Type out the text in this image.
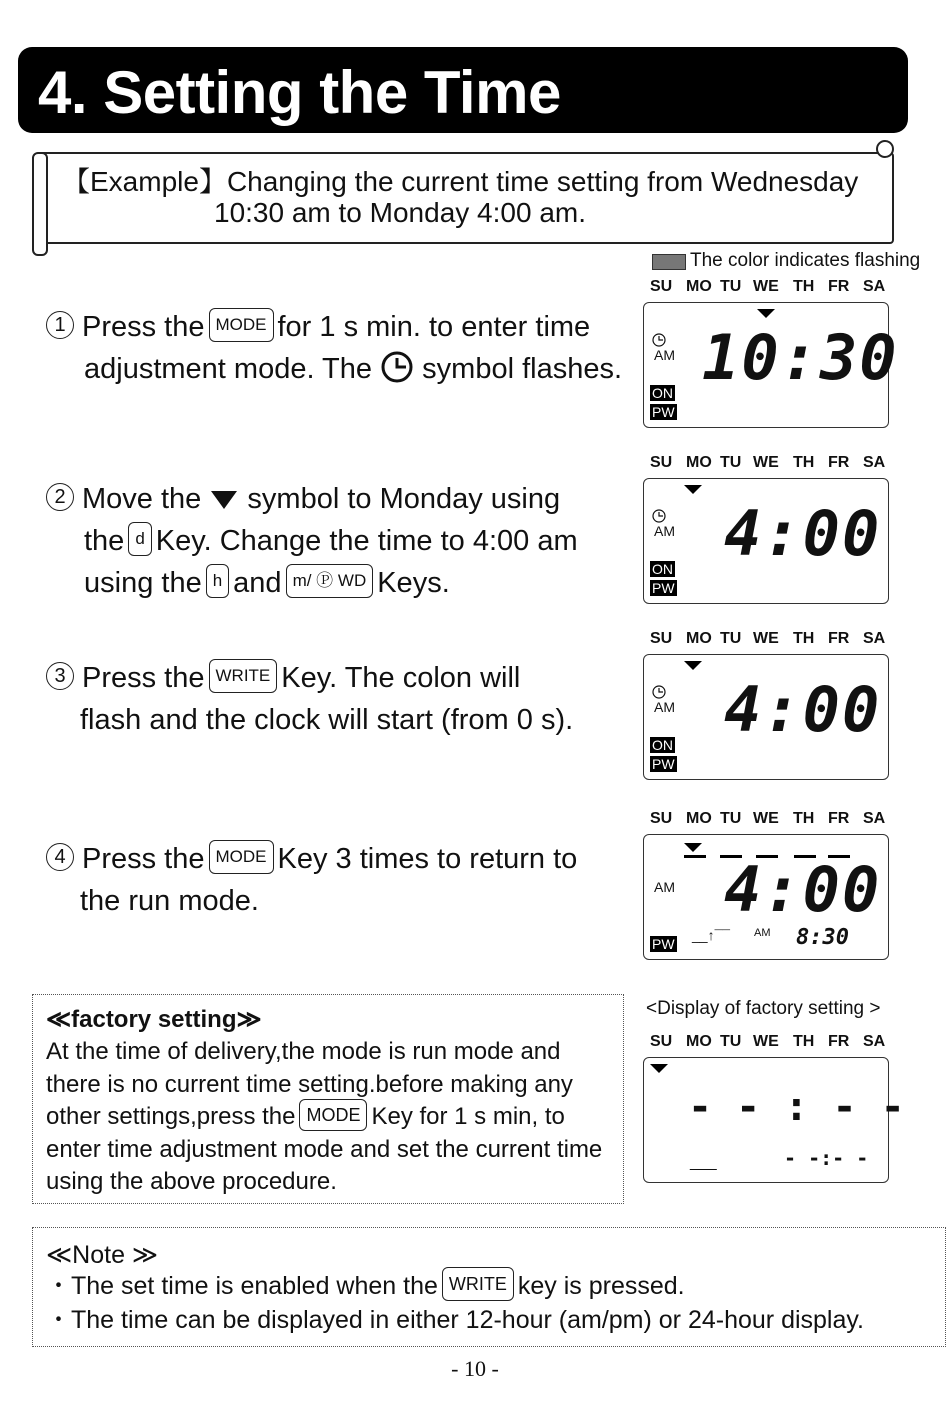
4. Setting the Time
【Example】Changing the current time setting from Wednesday
10:30 am to Monday 4:00 am.
The color indicates flashing
1 Press the MODE for 1 s min. to enter time
adjustment mode. The symbol flashes.
2 Move the symbol to Monday using
the d Key. Change the time to 4:00 am
using the h and m/ Ⓟ WD Keys.
3 Press the WRITE Key. The colon will
flash and the clock will start (from 0 s).
4 Press the MODE Key 3 times to return to
the run mode.
SU MO TU WE TH FR SA
SU MO TU WE TH FR SA
SU MO TU WE TH FR SA
SU MO TU WE TH FR SA
SU MO TU WE TH FR SA
AM 10:30
ON
PW
AM 4:00
ON
PW
AM 4:00
ON
PW
AM 4:00
PW
__↑¯¯ AM 8:30
≪factory setting≫
At the time of delivery,the mode is run mode and
there is no current time setting.before making any
other settings,press the MODE Key for 1 s min, to
enter time adjustment mode and set the current time
using the above procedure.
<Display of factory setting >
- - : - -
- -:- -
___
≪Note ≫
・The set time is enabled when the WRITE key is pressed.
・The time can be displayed in either 12-hour (am/pm) or 24-hour display.
- 10 -
